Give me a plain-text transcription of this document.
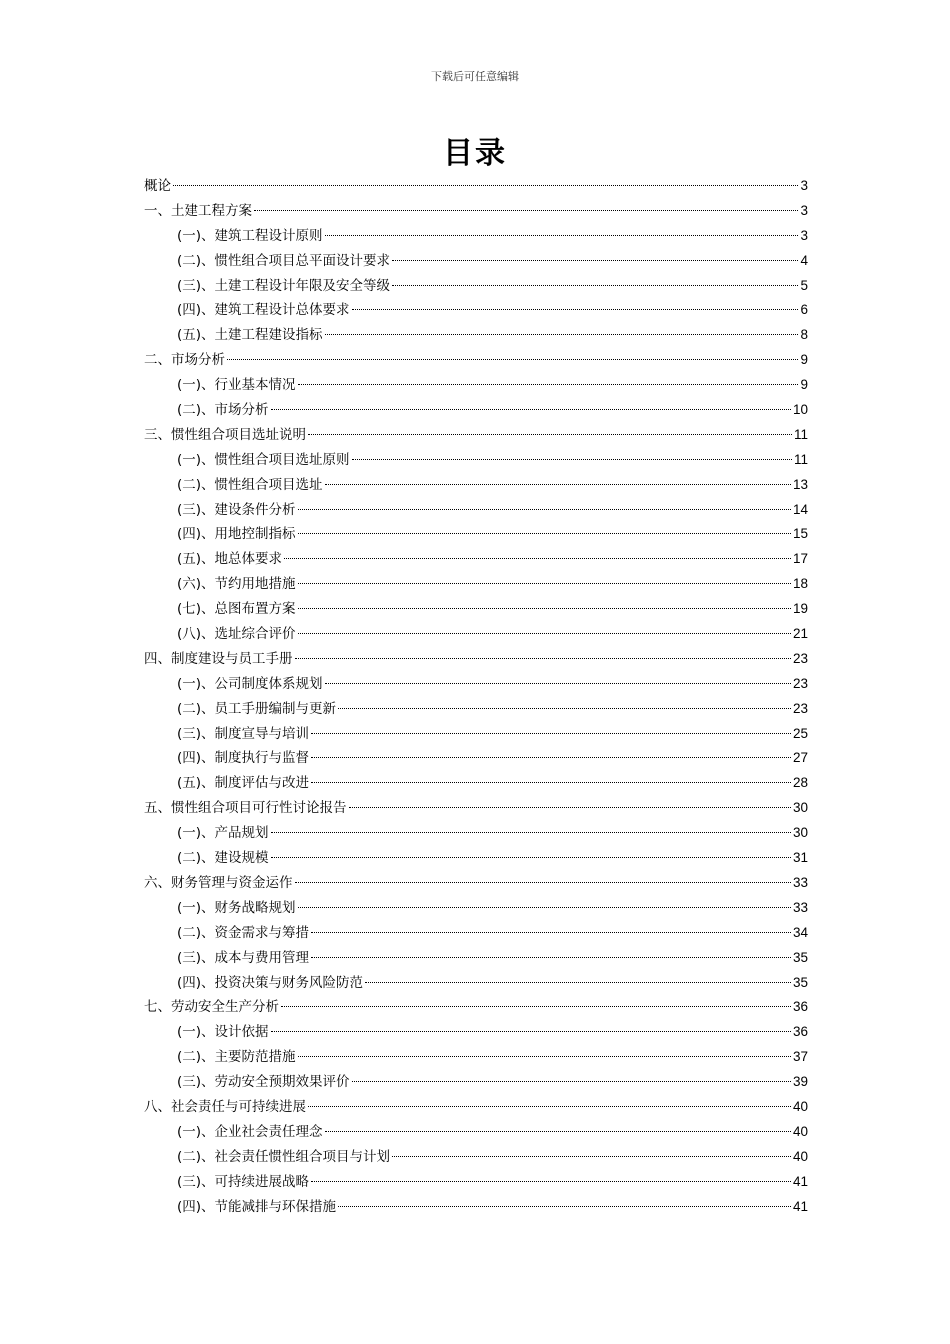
下载后可任意编辑
目录
概论	3
一、土建工程方案	3
(一)、建筑工程设计原则	3
(二)、惯性组合项目总平面设计要求	4
(三)、土建工程设计年限及安全等级	5
(四)、建筑工程设计总体要求	6
(五)、土建工程建设指标	8
二、市场分析	9
(一)、行业基本情况	9
(二)、市场分析	10
三、惯性组合项目选址说明	11
(一)、惯性组合项目选址原则	11
(二)、惯性组合项目选址	13
(三)、建设条件分析	14
(四)、用地控制指标	15
(五)、地总体要求	17
(六)、节约用地措施	18
(七)、总图布置方案	19
(八)、选址综合评价	21
四、制度建设与员工手册	23
(一)、公司制度体系规划	23
(二)、员工手册编制与更新	23
(三)、制度宣导与培训	25
(四)、制度执行与监督	27
(五)、制度评估与改进	28
五、惯性组合项目可行性讨论报告	30
(一)、产品规划	30
(二)、建设规模	31
六、财务管理与资金运作	33
(一)、财务战略规划	33
(二)、资金需求与筹措	34
(三)、成本与费用管理	35
(四)、投资决策与财务风险防范	35
七、劳动安全生产分析	36
(一)、设计依据	36
(二)、主要防范措施	37
(三)、劳动安全预期效果评价	39
八、社会责任与可持续进展	40
(一)、企业社会责任理念	40
(二)、社会责任惯性组合项目与计划	40
(三)、可持续进展战略	41
(四)、节能减排与环保措施	41
